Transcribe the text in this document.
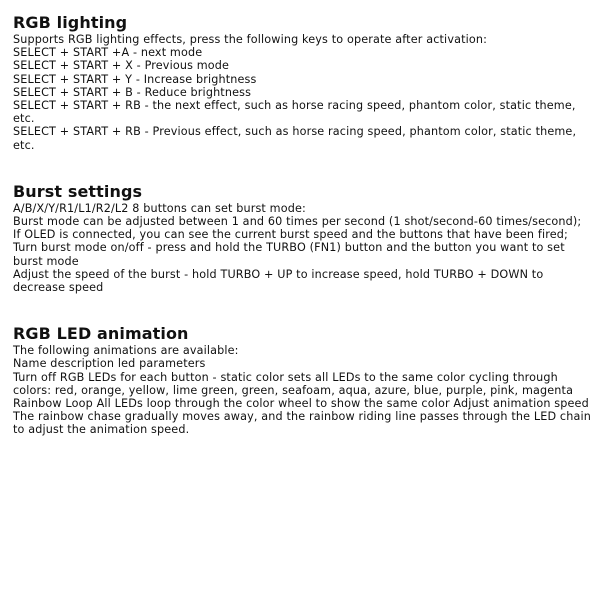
RGB lighting
Supports RGB lighting effects, press the following keys to operate after activation:
SELECT + START +A - next mode
SELECT + START + X - Previous mode
SELECT + START + Y - Increase brightness
SELECT + START + B - Reduce brightness
SELECT + START + RB - the next effect, such as horse racing speed, phantom color, static theme, etc.
SELECT + START + RB - Previous effect, such as horse racing speed, phantom color, static theme, etc.
Burst settings
A/B/X/Y/R1/L1/R2/L2 8 buttons can set burst mode:
Burst mode can be adjusted between 1 and 60 times per second (1 shot/second-60 times/second);
If OLED is connected, you can see the current burst speed and the buttons that have been fired;
Turn burst mode on/off - press and hold the TURBO (FN1) button and the button you want to set burst mode
Adjust the speed of the burst - hold TURBO + UP to increase speed, hold TURBO + DOWN to decrease speed
RGB LED animation
The following animations are available:
Name description led parameters
Turn off RGB LEDs for each button - static color sets all LEDs to the same color cycling through colors: red, orange, yellow, lime green, green, seafoam, aqua, azure, blue, purple, pink, magenta
Rainbow Loop All LEDs loop through the color wheel to show the same color Adjust animation speed
The rainbow chase gradually moves away, and the rainbow riding line passes through the LED chain to adjust the animation speed.
